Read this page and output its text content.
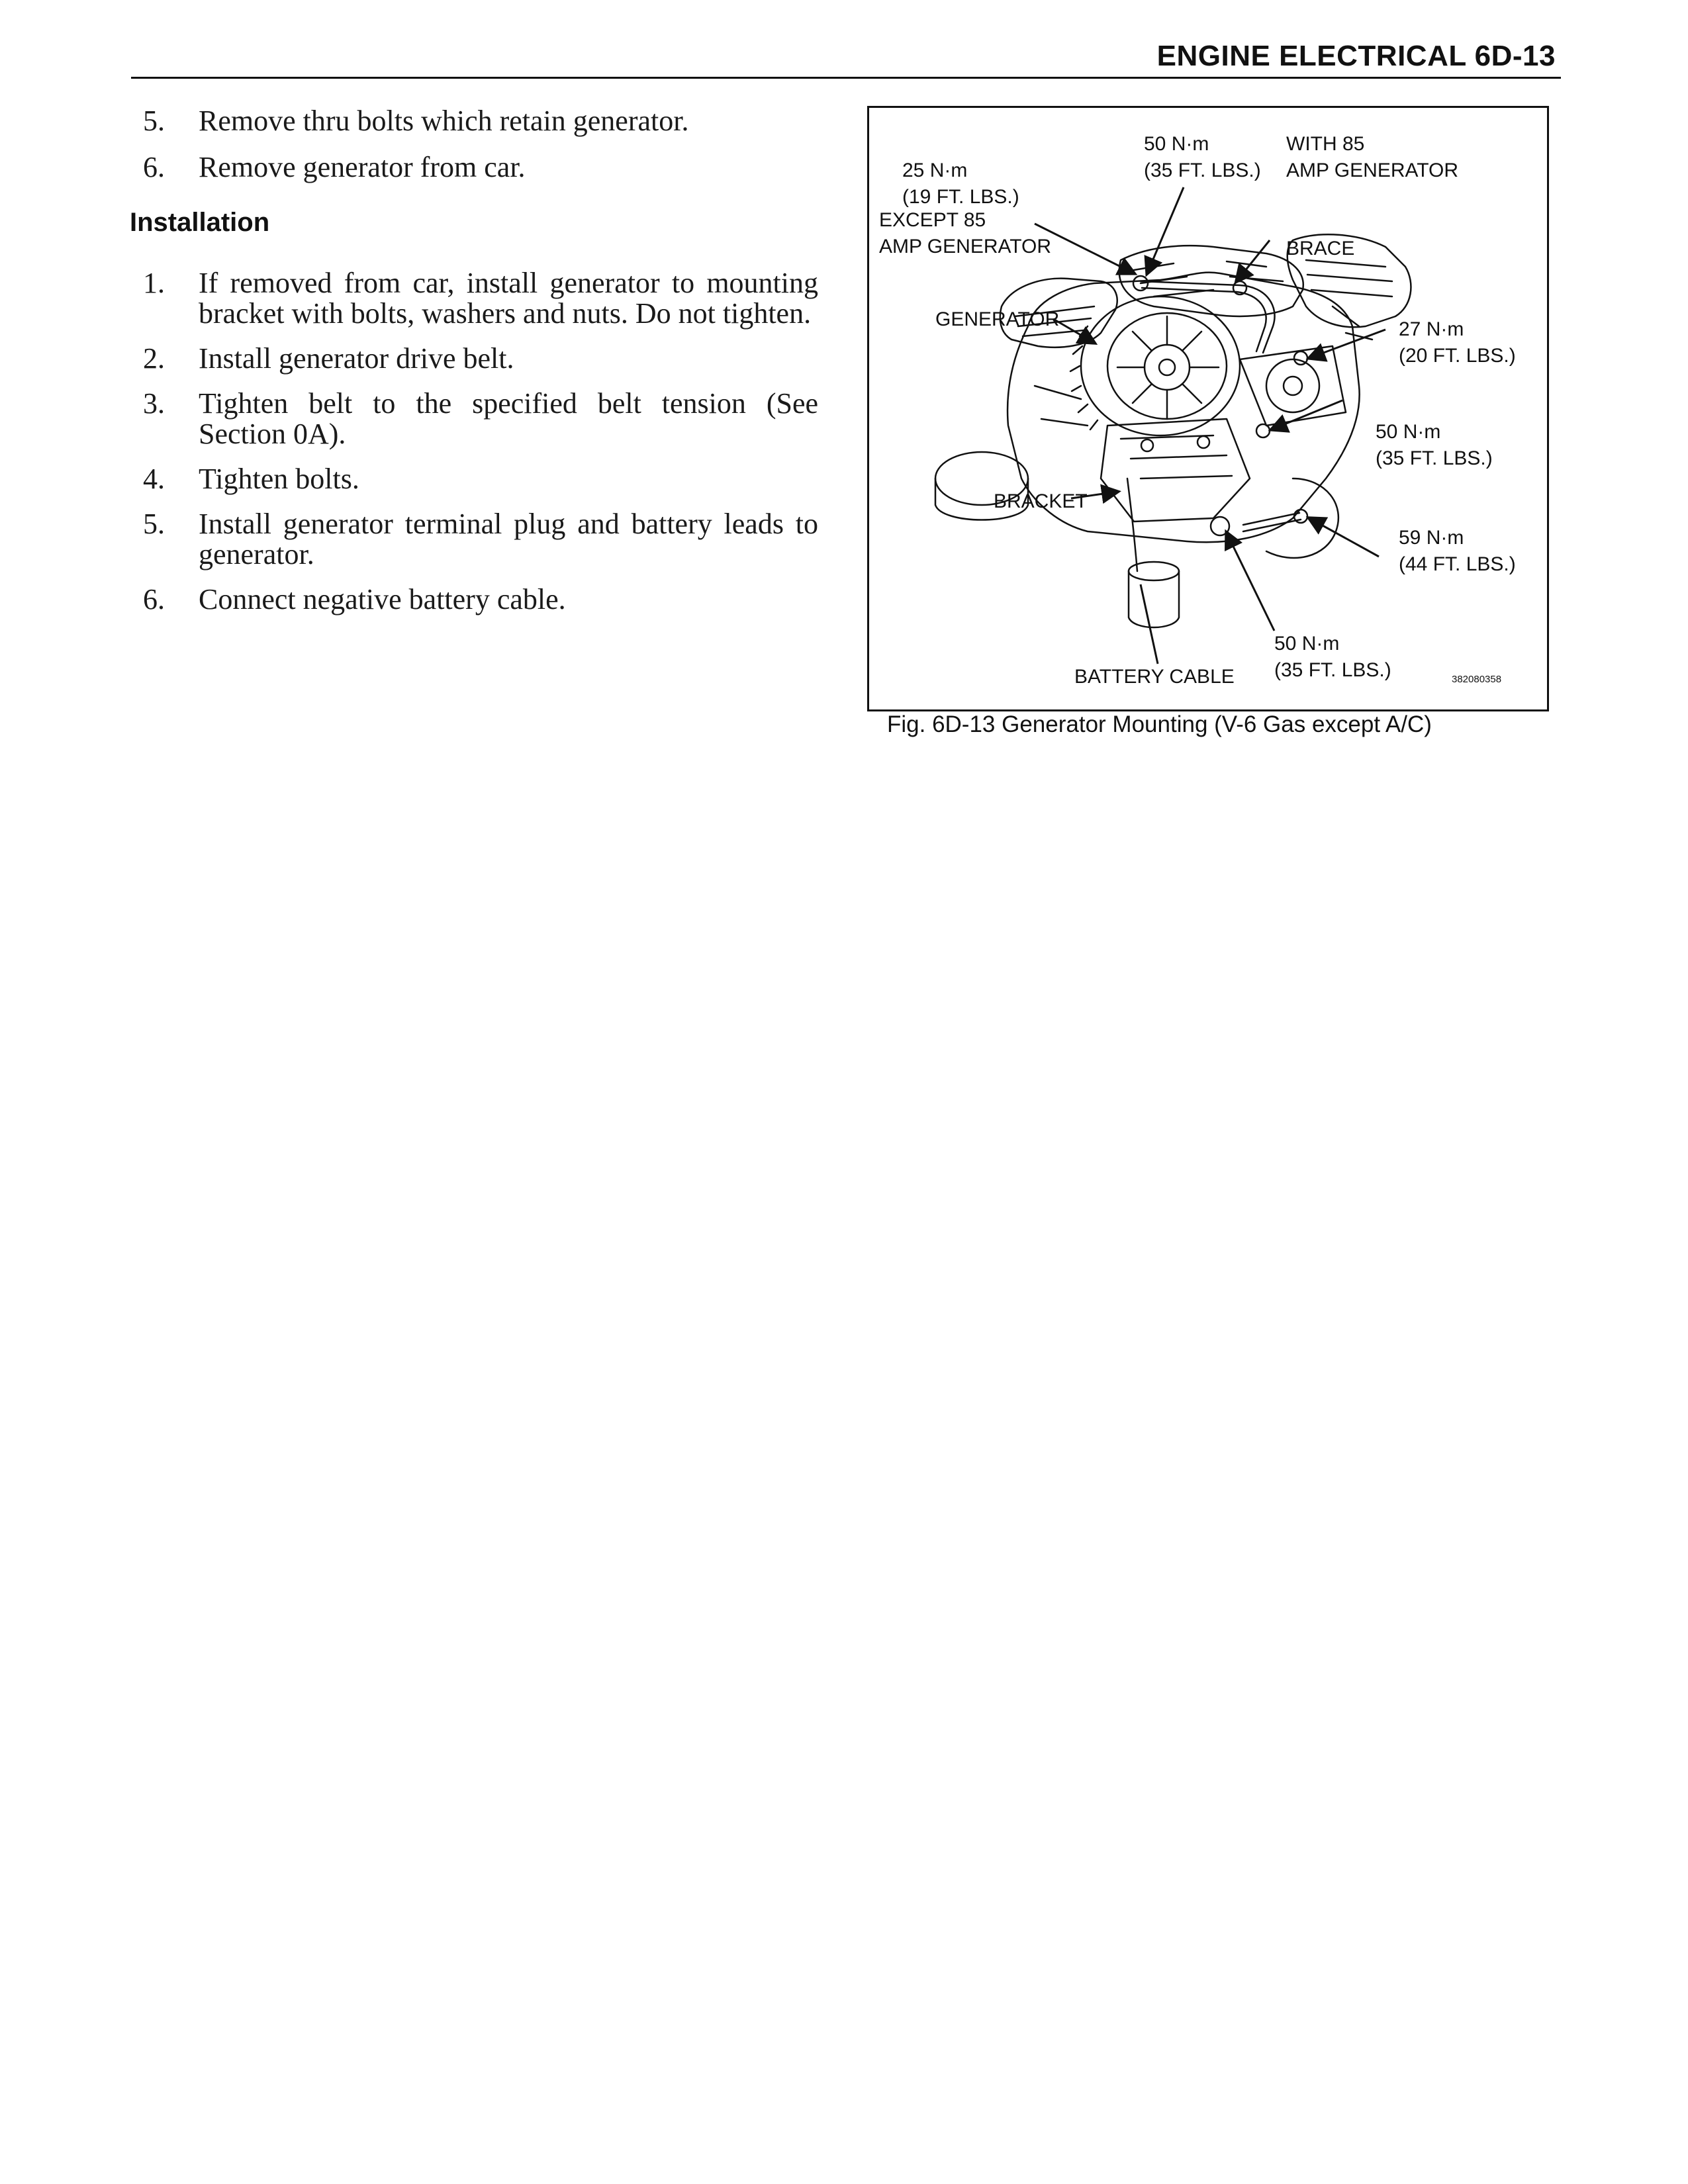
ENGINE ELECTRICAL 6D-13
5. Remove thru bolts which retain generator.
6. Remove generator from car.
Installation
1. If removed from car, install generator to mounting bracket with bolts, washers and nuts. Do not tighten.
2. Install generator drive belt.
3. Tighten belt to the specified belt tension (See Section 0A).
4. Tighten bolts.
5. Install generator terminal plug and battery leads to generator.
6. Connect negative battery cable.
25 N·m
(19 FT. LBS.)
EXCEPT 85
AMP GENERATOR
50 N·m
(35 FT. LBS.)
WITH 85
AMP GENERATOR
BRACE
GENERATOR	27 N·m
(20 FT. LBS.)
50 N·m
(35 FT. LBS.)
BRACKET
59 N·m
(44 FT. LBS.)
50 N·m
(35 FT. LBS.)
BATTERY CABLE	382080358
Fig. 6D-13 Generator Mounting (V-6 Gas except A/C)
